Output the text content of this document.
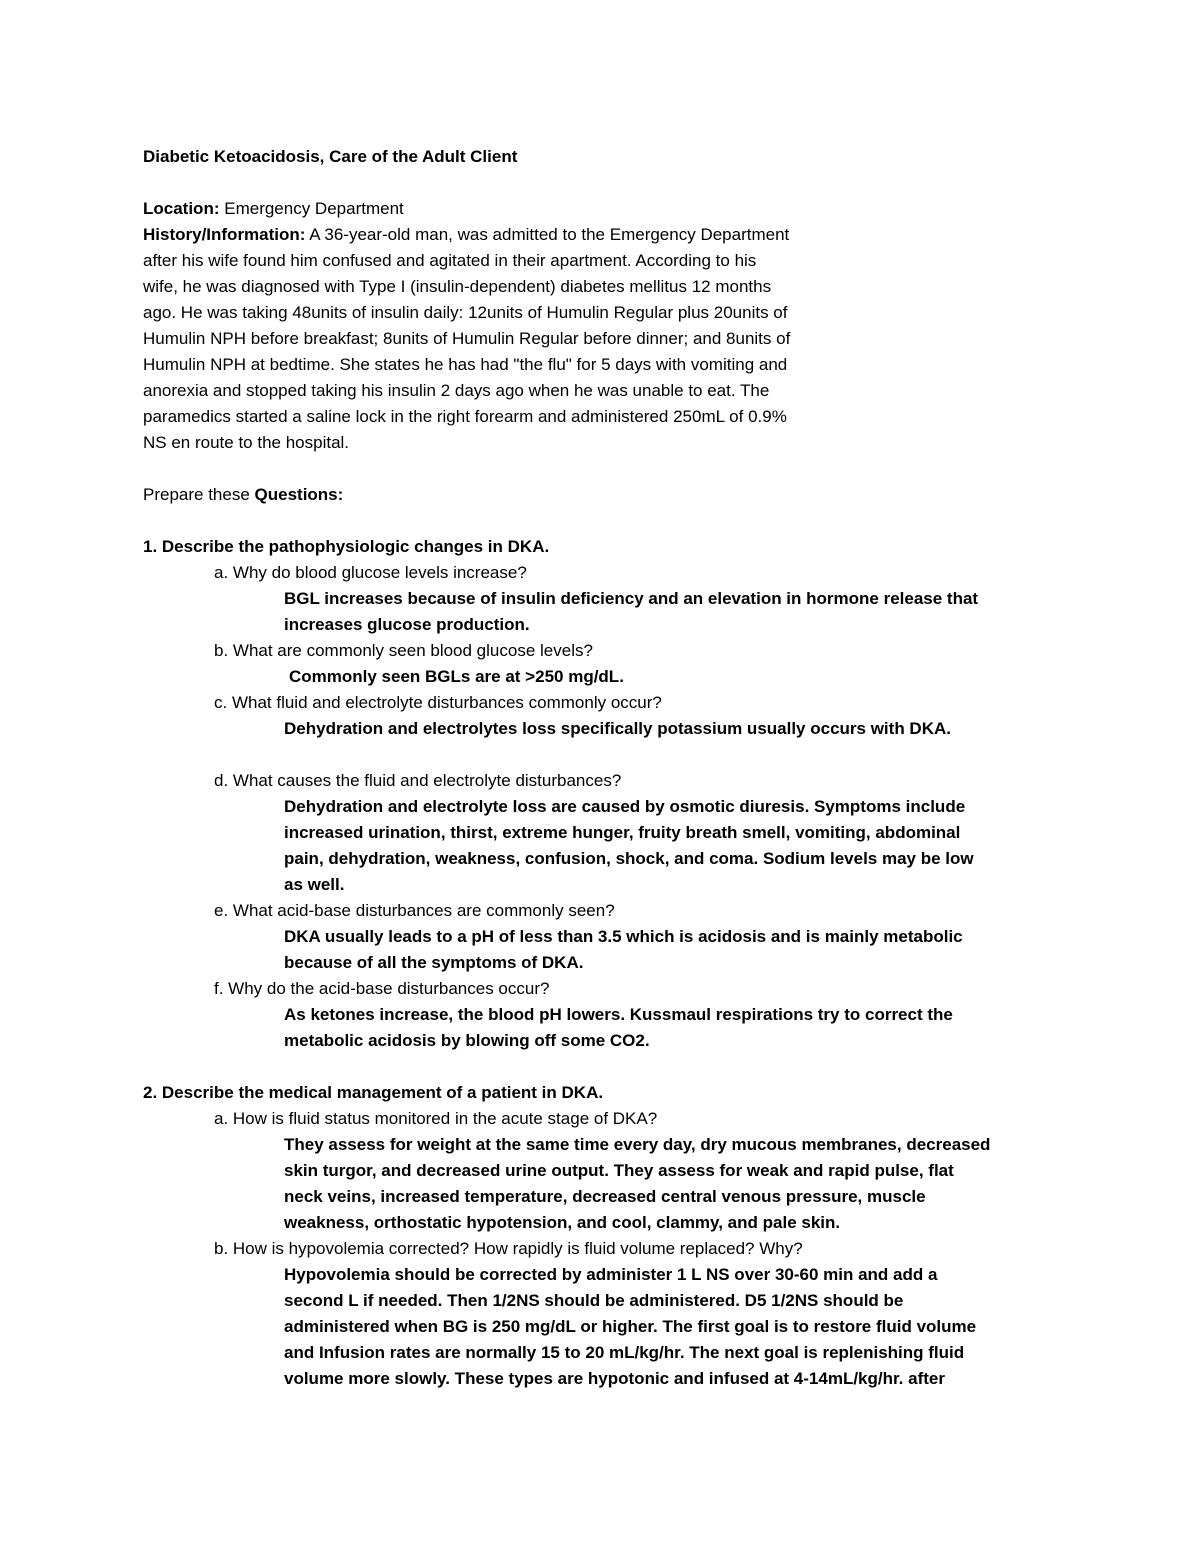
Diabetic Ketoacidosis, Care of the Adult Client

Location: Emergency Department

History/Information: A 36-year-old man, was admitted to the Emergency Department
after his wife found him confused and agitated in their apartment. According to his
wife, he was diagnosed with Type I (insulin-dependent) diabetes mellitus 12 months
ago. He was taking 48units of insulin daily: 12units of Humulin Regular plus 20units of
Humulin NPH before breakfast; 8units of Humulin Regular before dinner; and 8units of
Humulin NPH at bedtime. She states he has had "the flu" for 5 days with vomiting and
anorexia and stopped taking his insulin 2 days ago when he was unable to eat. The
paramedics started a saline lock in the right forearm and administered 250mL of 0.9%
NS en route to the hospital.

Prepare these Questions:

1. Describe the pathophysiologic changes in DKA.

a. Why do blood glucose levels increase?

BGL increases because of insulin deficiency and an elevation in hormone release that

increases glucose production.

b. What are commonly seen blood glucose levels?

Commonly seen BGLs are at >250 mg/dL.

c. What fluid and electrolyte disturbances commonly occur?

Dehydration and electrolytes loss specifically potassium usually occurs with DKA.

d. What causes the fluid and electrolyte disturbances?

Dehydration and electrolyte loss are caused by osmotic diuresis. Symptoms include

increased urination, thirst, extreme hunger, fruity breath smell, vomiting, abdominal

pain, dehydration, weakness, confusion, shock, and coma. Sodium levels may be low

as well.

e. What acid-base disturbances are commonly seen?

DKA usually leads to a pH of less than 3.5 which is acidosis and is mainly metabolic

because of all the symptoms of DKA.

f. Why do the acid-base disturbances occur?

As ketones increase, the blood pH lowers. Kussmaul respirations try to correct the

metabolic acidosis by blowing off some CO2.

2. Describe the medical management of a patient in DKA.

a. How is fluid status monitored in the acute stage of DKA?

They assess for weight at the same time every day, dry mucous membranes, decreased

skin turgor, and decreased urine output. They assess for weak and rapid pulse, flat

neck veins, increased temperature, decreased central venous pressure, muscle

weakness, orthostatic hypotension, and cool, clammy, and pale skin.

b. How is hypovolemia corrected? How rapidly is fluid volume replaced? Why?

Hypovolemia should be corrected by administer 1 L NS over 30-60 min and add a

second L if needed. Then 1/2NS should be administered. D5 1/2NS should be

administered when BG is 250 mg/dL or higher. The first goal is to restore fluid volume

and Infusion rates are normally 15 to 20 mL/kg/hr. The next goal is replenishing fluid

volume more slowly. These types are hypotonic and infused at 4-14mL/kg/hr. after
